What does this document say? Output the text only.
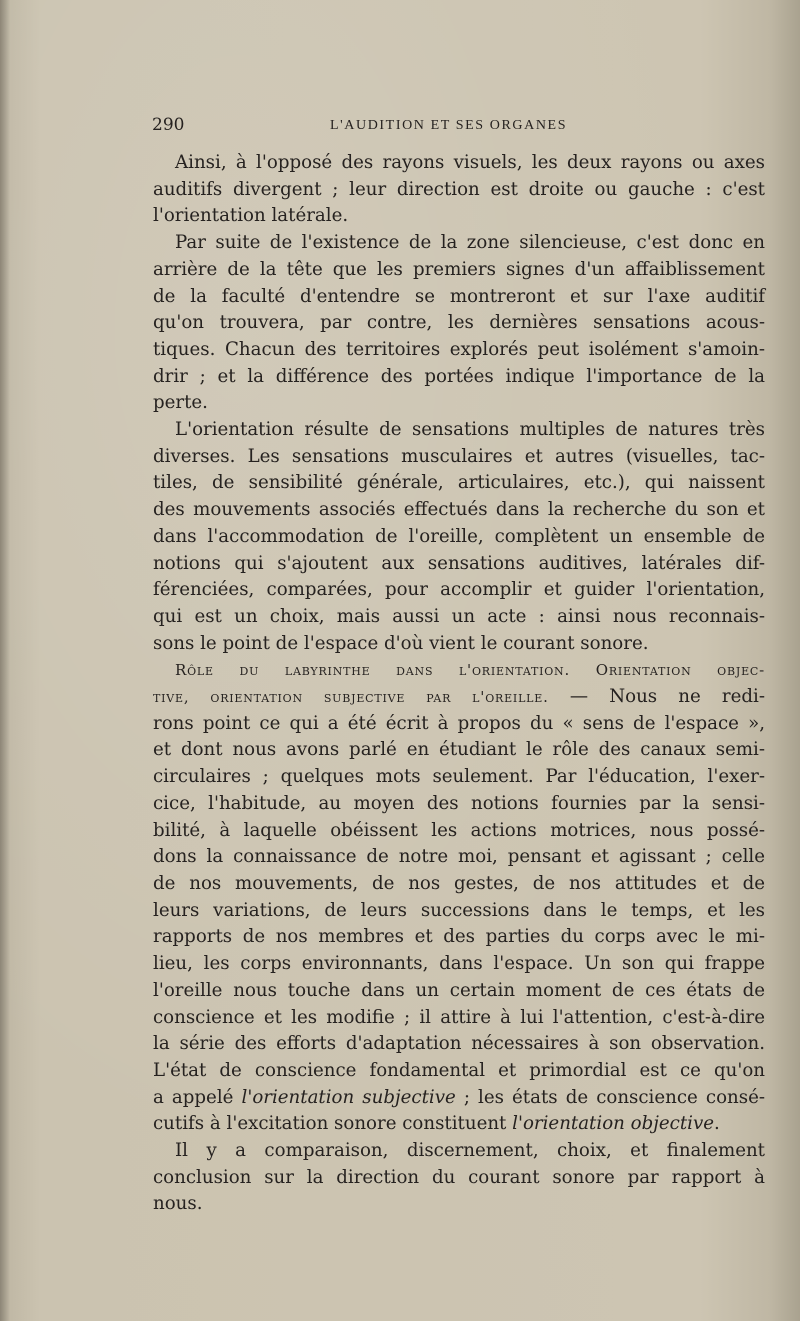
290	L'AUDITION ET SES ORGANES

Ainsi, à l'opposé des rayons visuels, les deux rayons ou axes
auditifs divergent ; leur direction est droite ou gauche : c'est
l'orientation latérale.

Par suite de l'existence de la zone silencieuse, c'est donc en
arrière de la tête que les premiers signes d'un affaiblissement
de la faculté d'entendre se montreront et sur l'axe auditif
qu'on trouvera, par contre, les dernières sensations acous-
tiques. Chacun des territoires explorés peut isolément s'amoin-
drir ; et la différence des portées indique l'importance de la
perte.

L'orientation résulte de sensations multiples de natures très
diverses. Les sensations musculaires et autres (visuelles, tac-
tiles, de sensibilité générale, articulaires, etc.), qui naissent
des mouvements associés effectués dans la recherche du son et
dans l'accommodation de l'oreille, complètent un ensemble de
notions qui s'ajoutent aux sensations auditives, latérales dif-
férenciées, comparées, pour accomplir et guider l'orientation,
qui est un choix, mais aussi un acte : ainsi nous reconnais-
sons le point de l'espace d'où vient le courant sonore.

Rôle du labyrinthe dans l'orientation. Orientation objec-
tive, orientation subjective par l'oreille. — Nous ne redi-
rons point ce qui a été écrit à propos du « sens de l'espace »,
et dont nous avons parlé en étudiant le rôle des canaux semi-
circulaires ; quelques mots seulement. Par l'éducation, l'exer-
cice, l'habitude, au moyen des notions fournies par la sensi-
bilité, à laquelle obéissent les actions motrices, nous possé-
dons la connaissance de notre moi, pensant et agissant ; celle
de nos mouvements, de nos gestes, de nos attitudes et de
leurs variations, de leurs successions dans le temps, et les
rapports de nos membres et des parties du corps avec le mi-
lieu, les corps environnants, dans l'espace. Un son qui frappe
l'oreille nous touche dans un certain moment de ces états de
conscience et les modifie ; il attire à lui l'attention, c'est-à-dire
la série des efforts d'adaptation nécessaires à son observation.
L'état de conscience fondamental et primordial est ce qu'on
a appelé l'orientation subjective ; les états de conscience consé-
cutifs à l'excitation sonore constituent l'orientation objective.

Il y a comparaison, discernement, choix, et finalement
conclusion sur la direction du courant sonore par rapport à
nous.
